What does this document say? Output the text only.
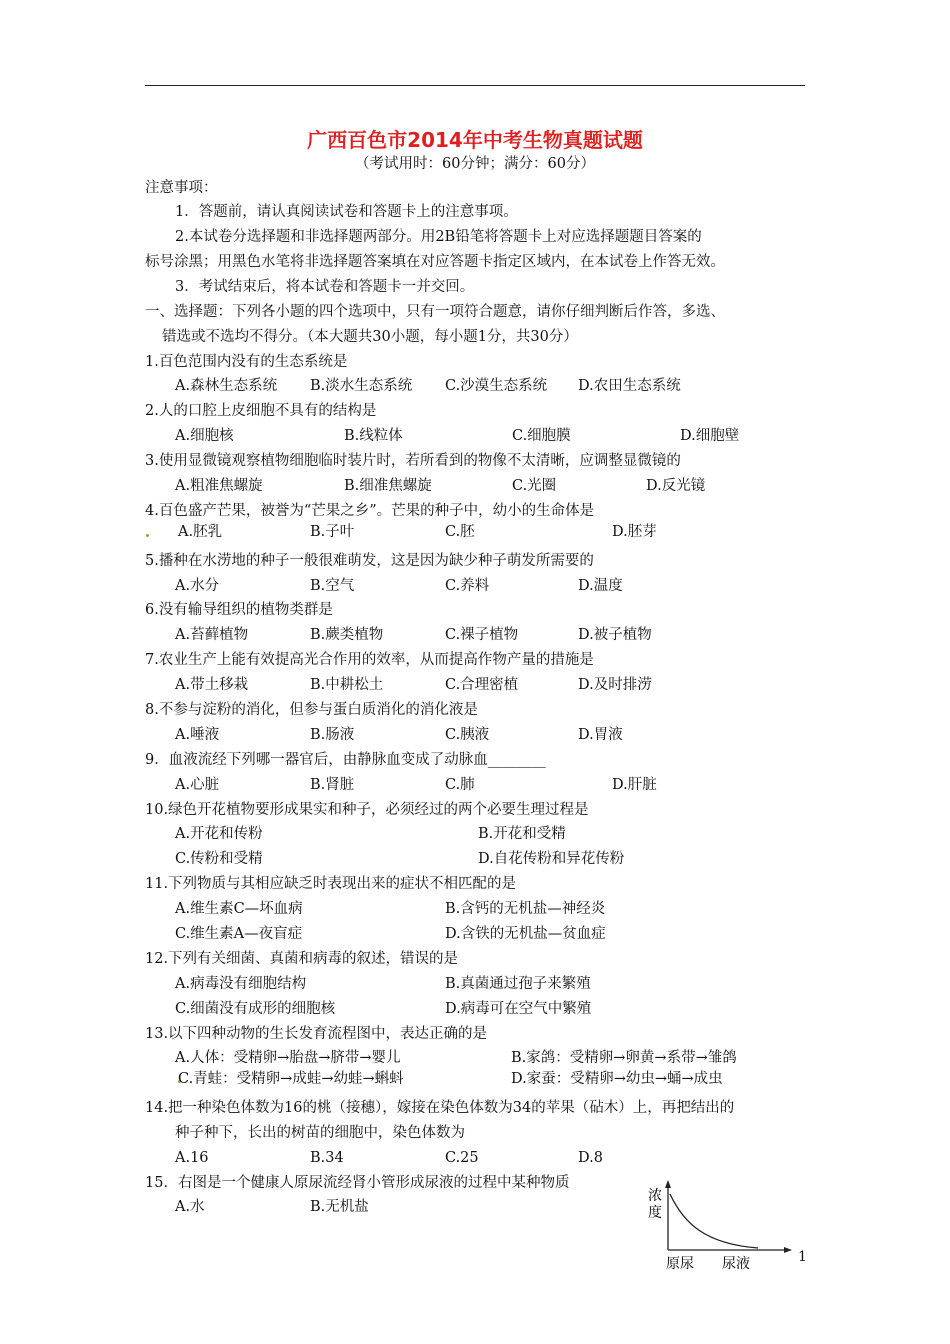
广西百色市2014年中考生物真题试题
（考试用时：60分钟；满分：60分）
注意事项：
1．答题前，请认真阅读试卷和答题卡上的注意事项。
2.本试卷分选择题和非选择题两部分。用2B铅笔将答题卡上对应选择题题目答案的
标号涂黑；用黑色水笔将非选择题答案填在对应答题卡指定区域内，在本试卷上作答无效。
3．考试结束后，将本试卷和答题卡一并交回。
一、选择题：下列各小题的四个选项中，只有一项符合题意，请你仔细判断后作答，多选、
错选或不选均不得分。（本大题共30小题，每小题1分，共30分）
1.百色范围内没有的生态系统是
A.森林生态系统 B.淡水生态系统 C.沙漠生态系统 D.农田生态系统
2.人的口腔上皮细胞不具有的结构是
A.细胞核	B.线粒体	C.细胞膜	D.细胞壁
3.使用显微镜观察植物细胞临时装片时，若所看到的物像不太清晰，应调整显微镜的
A.粗准焦螺旋	B.细准焦螺旋	C.光圈	D.反光镜
4.百色盛产芒果，被誉为“芒果之乡”。芒果的种子中，幼小的生命体是
A.胚乳	B.子叶	C.胚	D.胚芽
5.播种在水涝地的种子一般很难萌发，这是因为缺少种子萌发所需要的
A.水分	B.空气	C.养料	D.温度
6.没有输导组织的植物类群是
A.苔藓植物	B.蕨类植物	C.裸子植物	D.被子植物
7.农业生产上能有效提高光合作用的效率，从而提高作物产量的措施是
A.带土移栽	B.中耕松土	C.合理密植	D.及时排涝
8.不参与淀粉的消化，但参与蛋白质消化的消化液是
A.唾液	B.肠液	C.胰液	D.胃液
9．血液流经下列哪一器官后，由静脉血变成了动脉血________
A.心脏	B.肾脏	C.肺	D.肝脏
10.绿色开花植物要形成果实和种子，必须经过的两个必要生理过程是
A.开花和传粉	B.开花和受精
C.传粉和受精	D.自花传粉和异花传粉
11.下列物质与其相应缺乏时表现出来的症状不相匹配的是
A.维生素C—坏血病	B.含钙的无机盐—神经炎
C.维生素A—夜盲症	D.含铁的无机盐—贫血症
12.下列有关细菌、真菌和病毒的叙述，错误的是
A.病毒没有细胞结构	B.真菌通过孢子来繁殖
C.细菌没有成形的细胞核	D.病毒可在空气中繁殖
13.以下四种动物的生长发育流程图中，表达正确的是
A.人体：受精卵→胎盘→脐带→婴儿	B.家鸽：受精卵→卵黄→系带→雏鸽
C.青蛙：受精卵→成蛙→幼蛙→蝌蚪	D.家蚕：受精卵→幼虫→蛹→成虫
14.把一种染色体数为16的桃（接穗），嫁接在染色体数为34的苹果（砧木）上，再把结出的
种子种下，长出的树苗的细胞中，染色体数为
A.16	B.34	C.25	D.8
15．右图是一个健康人原尿流经肾小管形成尿液的过程中某种物质
A.水	B.无机盐
浓
度
原尿 尿液	1
